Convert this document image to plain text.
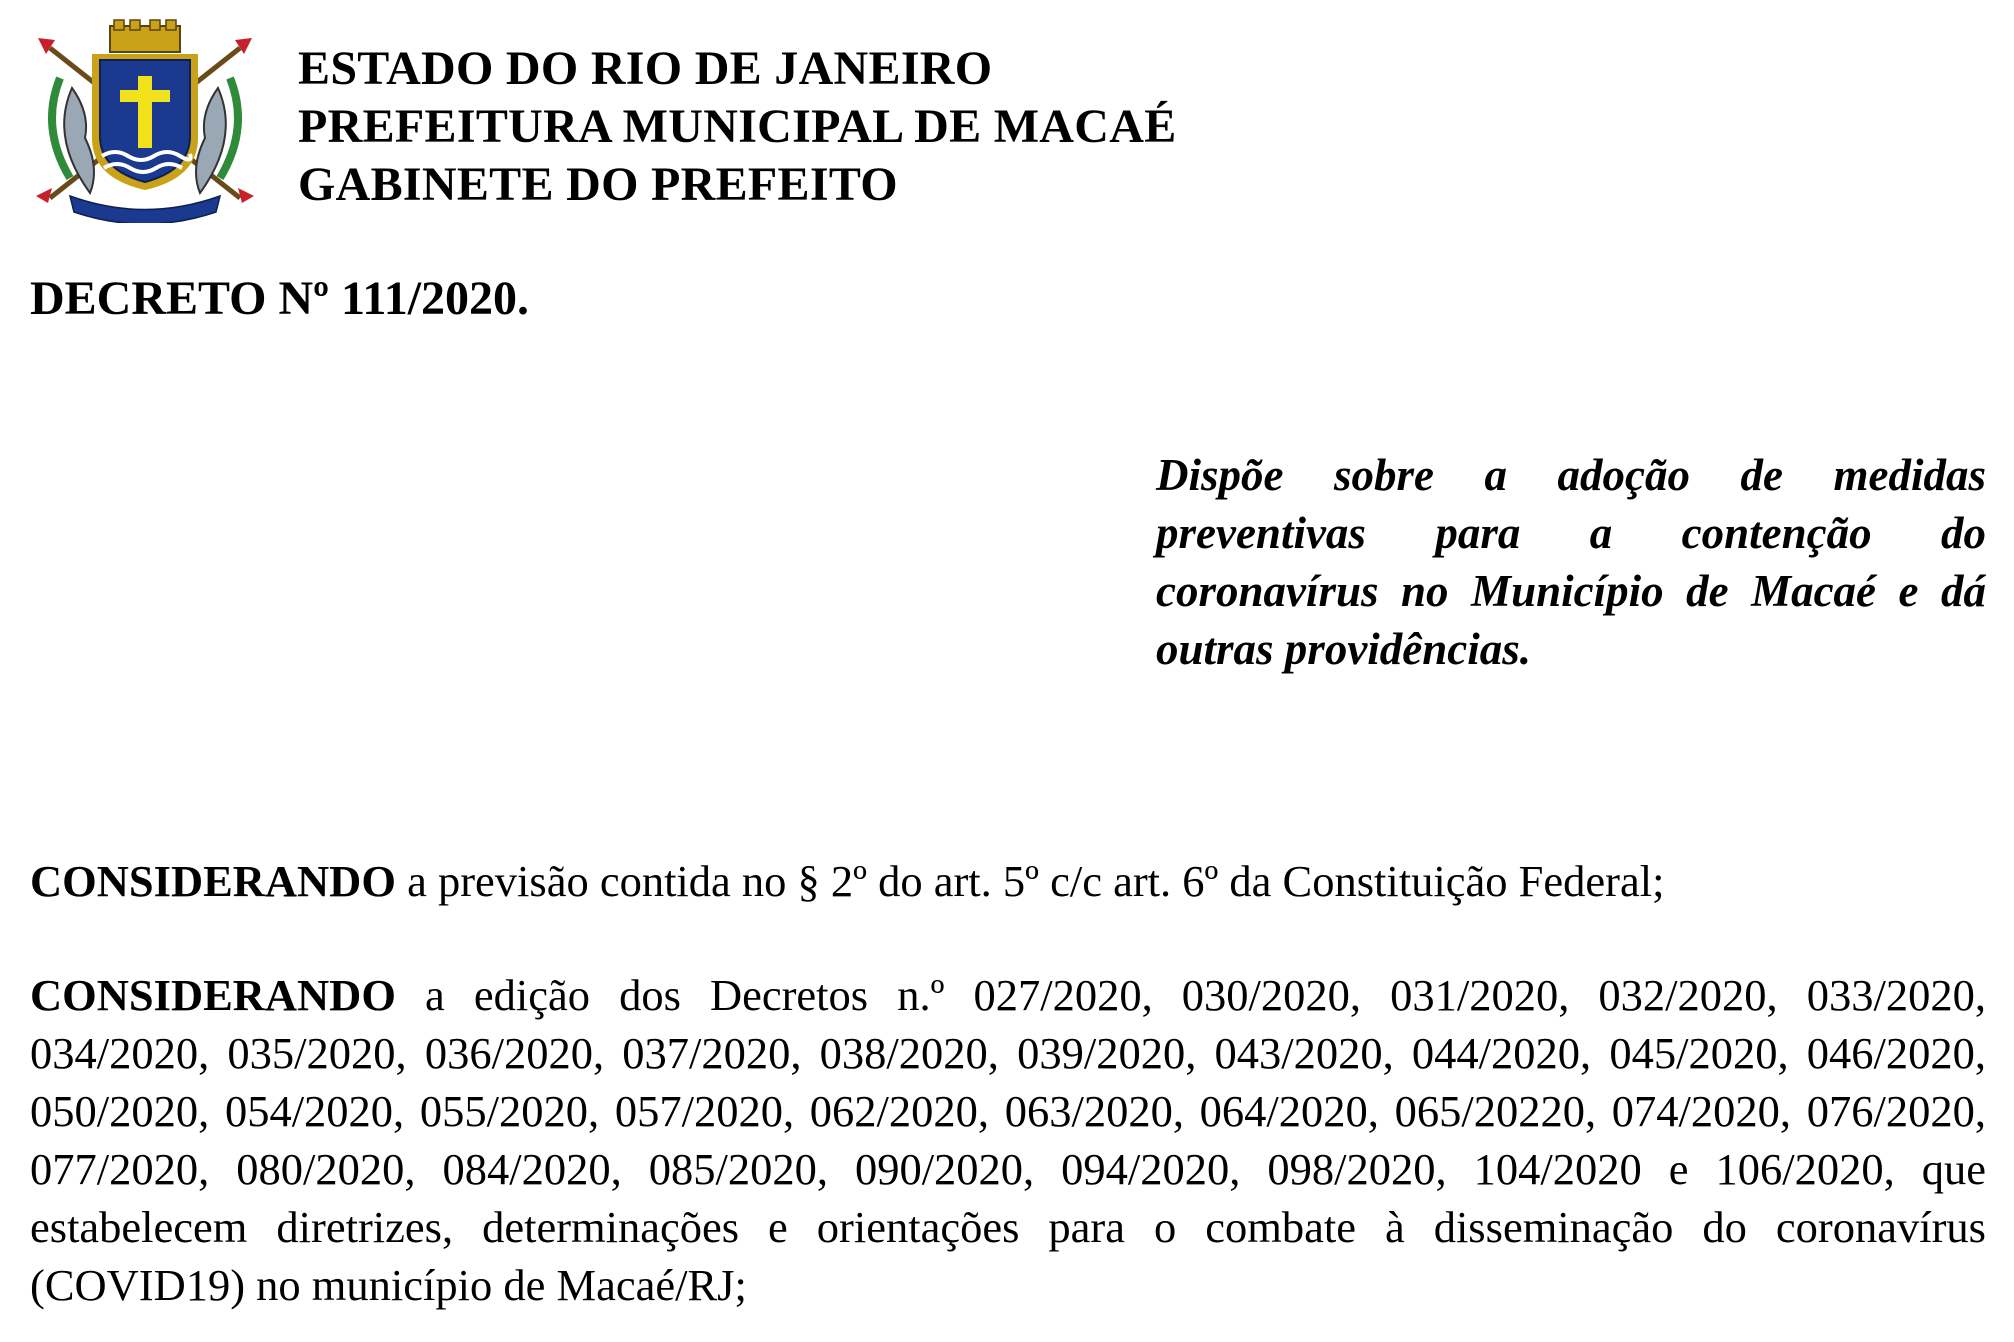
ESTADO DO RIO DE JANEIRO
PREFEITURA MUNICIPAL DE MACAÉ
GABINETE DO PREFEITO
DECRETO Nº 111/2020.
Dispõe sobre a adoção de medidas preventivas para a contenção do coronavírus no Município de Macaé e dá outras providências.
CONSIDERANDO a previsão contida no § 2º do art. 5º c/c art. 6º da Constituição Federal;
CONSIDERANDO a edição dos Decretos n.º 027/2020, 030/2020, 031/2020, 032/2020, 033/2020, 034/2020, 035/2020, 036/2020, 037/2020, 038/2020, 039/2020, 043/2020, 044/2020, 045/2020, 046/2020, 050/2020, 054/2020, 055/2020, 057/2020, 062/2020, 063/2020, 064/2020, 065/20220, 074/2020, 076/2020, 077/2020, 080/2020, 084/2020, 085/2020, 090/2020, 094/2020, 098/2020, 104/2020 e 106/2020, que estabelecem diretrizes, determinações e orientações para o combate à disseminação do coronavírus (COVID19) no município de Macaé/RJ;
